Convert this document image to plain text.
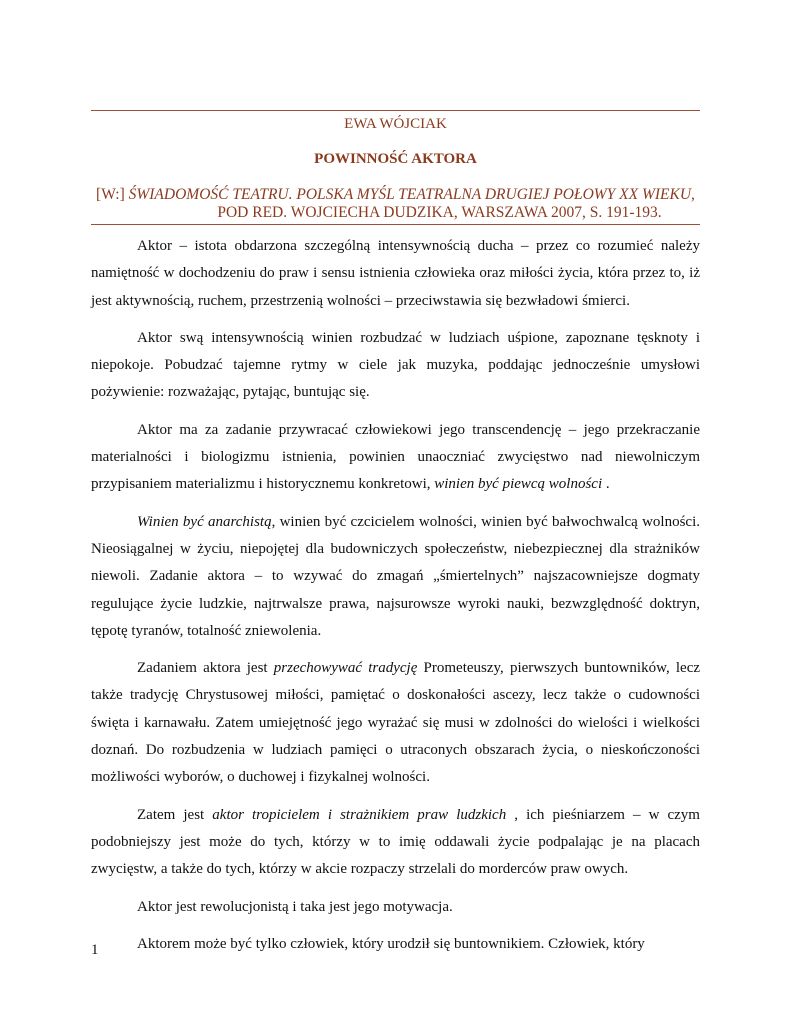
EWA WÓJCIAK
POWINNOŚĆ AKTORA
[W:] ŚWIADOMOŚĆ TEATRU. POLSKA MYŚL TEATRALNA DRUGIEJ POŁOWY XX WIEKU,
POD RED. WOJCIECHA DUDZIKA, WARSZAWA 2007, S. 191-193.

Aktor – istota obdarzona szczególną intensywnością ducha – przez co rozumieć należy namiętność w dochodzeniu do praw i sensu istnienia człowieka oraz miłości życia, która przez to, iż jest aktywnością, ruchem, przestrzenią wolności – przeciwstawia się bezwładowi śmierci.

Aktor swą intensywnością winien rozbudzać w ludziach uśpione, zapoznane tęsknoty i niepokoje. Pobudzać tajemne rytmy w ciele jak muzyka, poddając jednocześnie umysłowi pożywienie: rozważając, pytając, buntując się.

Aktor ma za zadanie przywracać człowiekowi jego transcendencję – jego przekraczanie materialności i biologizmu istnienia, powinien unaoczniać zwycięstwo nad niewolniczym przypisaniem materializmu i historycznemu konkretowi, winien być piewcą wolności .

Winien być anarchistą, winien być czcicielem wolności, winien być bałwochwalcą wolności. Nieosiągalnej w życiu, niepojętej dla budowniczych społeczeństw, niebezpiecznej dla strażników niewoli. Zadanie aktora – to wzywać do zmagań „śmiertelnych” najszacowniejsze dogmaty regulujące życie ludzkie, najtrwalsze prawa, najsurowsze wyroki nauki, bezwzględność doktryn, tępotę tyranów, totalność zniewolenia.

Zadaniem aktora jest przechowywać tradycję Prometeuszy, pierwszych buntowników, lecz także tradycję Chrystusowej miłości, pamiętać o doskonałości ascezy, lecz także o cudowności święta i karnawału. Zatem umiejętność jego wyrażać się musi w zdolności do wielości i wielkości doznań. Do rozbudzenia w ludziach pamięci o utraconych obszarach życia, o nieskończoności możliwości wyborów, o duchowej i fizykalnej wolności.

Zatem jest aktor tropicielem i strażnikiem praw ludzkich , ich pieśniarzem – w czym podobniejszy jest może do tych, którzy w to imię oddawali życie podpalając je na placach zwycięstw, a także do tych, którzy w akcie rozpaczy strzelali do morderców praw owych.

Aktor jest rewolucjonistą i taka jest jego motywacja.

Aktorem może być tylko człowiek, który urodził się buntownikiem. Człowiek, który

1
